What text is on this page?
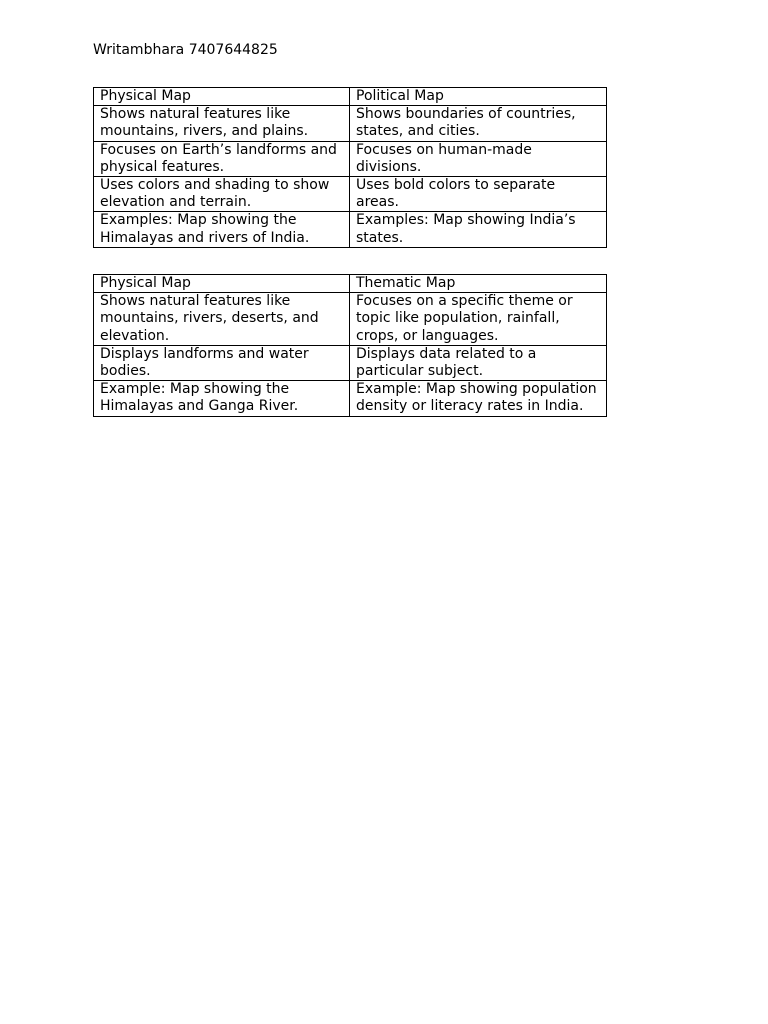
Writambhara 7407644825
Physical Map	Political Map
Shows natural features like mountains, rivers, and plains.	Shows boundaries of countries, states, and cities.
Focuses on Earth’s landforms and physical features.	Focuses on human-made divisions.
Uses colors and shading to show elevation and terrain.	Uses bold colors to separate areas.
Examples: Map showing the Himalayas and rivers of India.	Examples: Map showing India’s states.
Physical Map	Thematic Map
Shows natural features like mountains, rivers, deserts, and elevation.	Focuses on a specific theme or topic like population, rainfall, crops, or languages.
Displays landforms and water bodies.	Displays data related to a particular subject.
Example: Map showing the Himalayas and Ganga River.	Example: Map showing population density or literacy rates in India.
